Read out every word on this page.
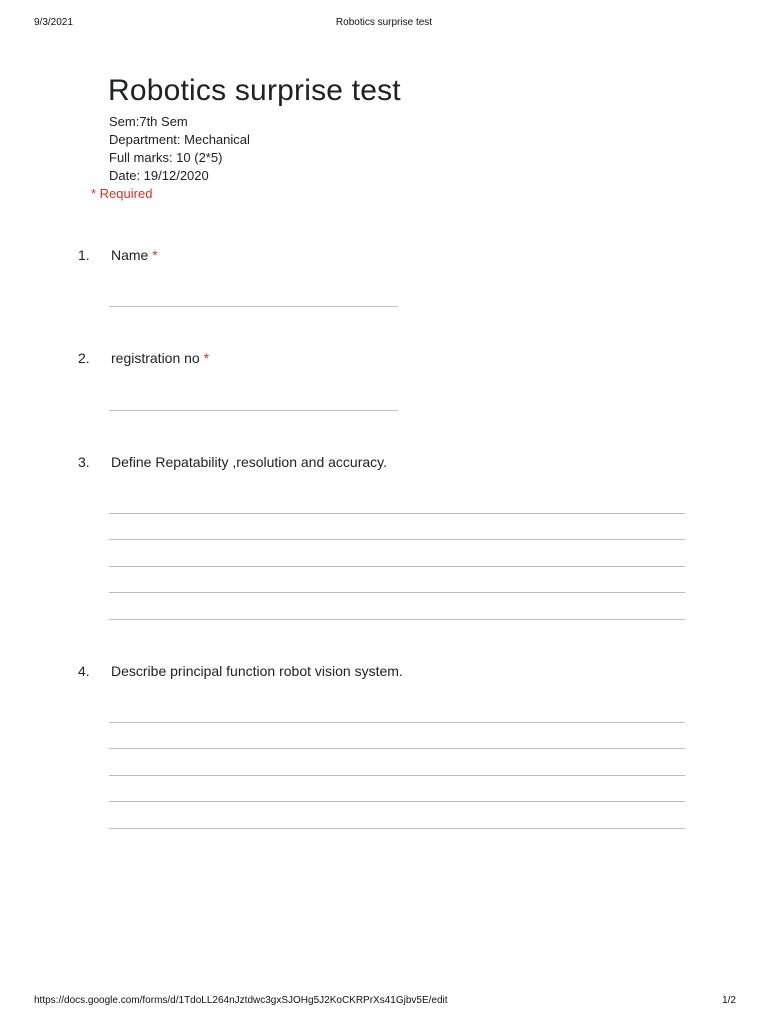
9/3/2021	Robotics surprise test
Robotics surprise test
Sem:7th Sem
Department: Mechanical
Full marks: 10 (2*5)
Date: 19/12/2020
* Required
1. Name *
2. registration no *
3. Define Repatability ,resolution and accuracy.
4. Describe principal function robot vision system.
https://docs.google.com/forms/d/1TdoLL264nJztdwc3gxSJOHg5J2KoCKRPrXs41Gjbv5E/edit	1/2
